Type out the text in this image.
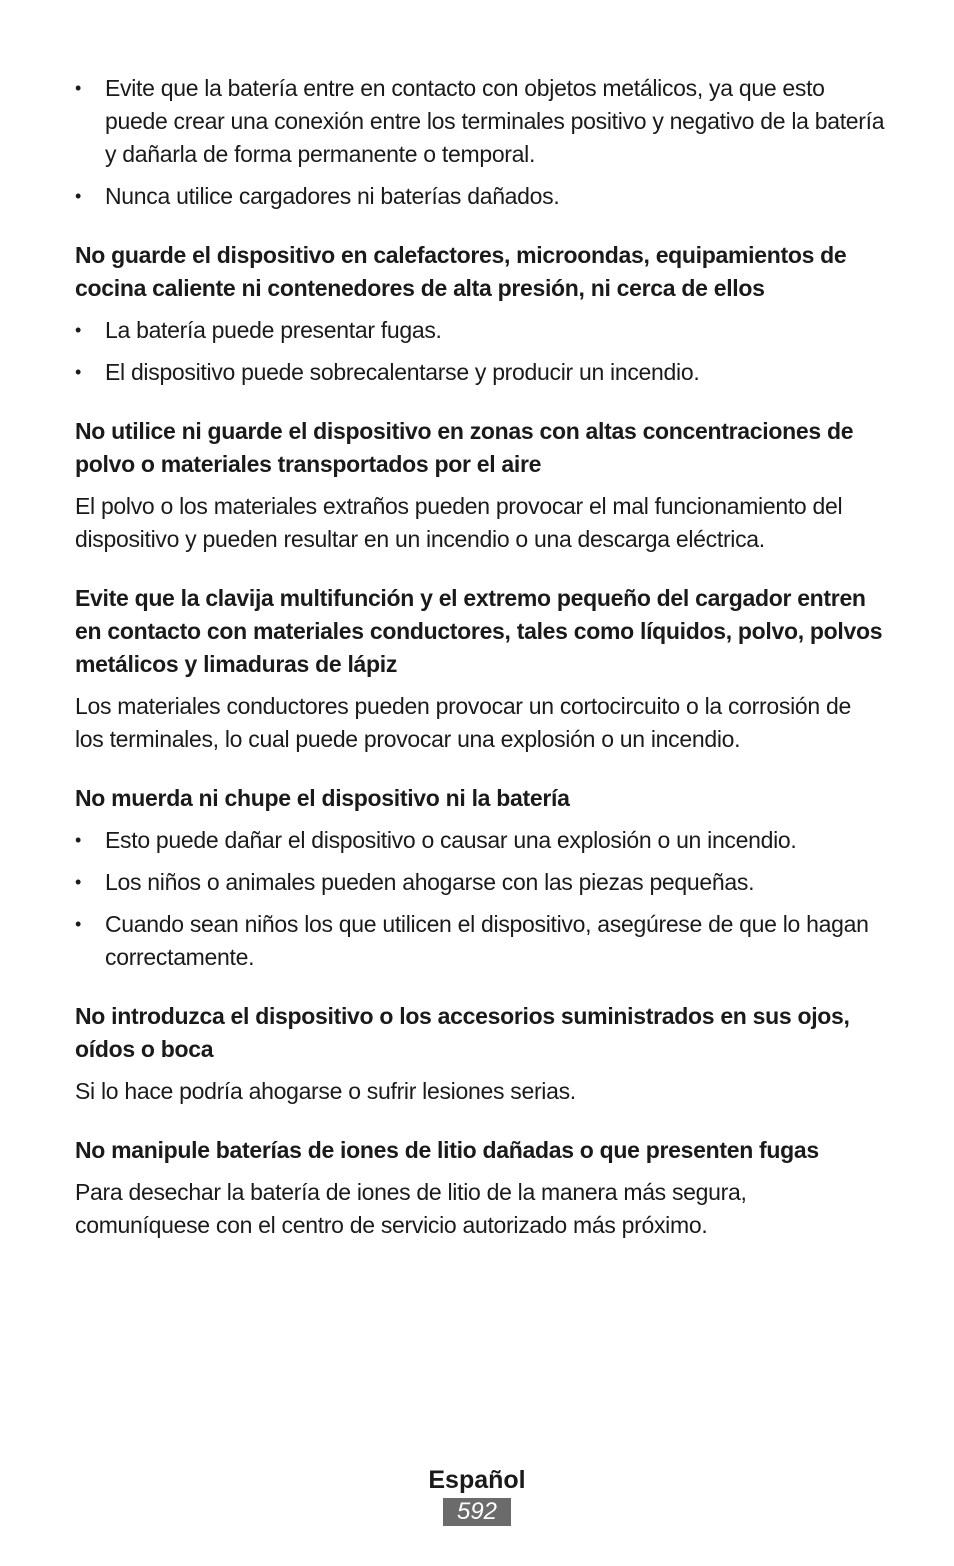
• Evite que la batería entre en contacto con objetos metálicos, ya que esto puede crear una conexión entre los terminales positivo y negativo de la batería y dañarla de forma permanente o temporal.
• Nunca utilice cargadores ni baterías dañados.
No guarde el dispositivo en calefactores, microondas, equipamientos de cocina caliente ni contenedores de alta presión, ni cerca de ellos
• La batería puede presentar fugas.
• El dispositivo puede sobrecalentarse y producir un incendio.
No utilice ni guarde el dispositivo en zonas con altas concentraciones de polvo o materiales transportados por el aire

El polvo o los materiales extraños pueden provocar el mal funcionamiento del dispositivo y pueden resultar en un incendio o una descarga eléctrica.

Evite que la clavija multifunción y el extremo pequeño del cargador entren en contacto con materiales conductores, tales como líquidos, polvo, polvos metálicos y limaduras de lápiz

Los materiales conductores pueden provocar un cortocircuito o la corrosión de los terminales, lo cual puede provocar una explosión o un incendio.

No muerda ni chupe el dispositivo ni la batería
• Esto puede dañar el dispositivo o causar una explosión o un incendio.
• Los niños o animales pueden ahogarse con las piezas pequeñas.
• Cuando sean niños los que utilicen el dispositivo, asegúrese de que lo hagan correctamente.
No introduzca el dispositivo o los accesorios suministrados en sus ojos, oídos o boca

Si lo hace podría ahogarse o sufrir lesiones serias.

No manipule baterías de iones de litio dañadas o que presenten fugas

Para desechar la batería de iones de litio de la manera más segura, comuníquese con el centro de servicio autorizado más próximo.

Español
592
